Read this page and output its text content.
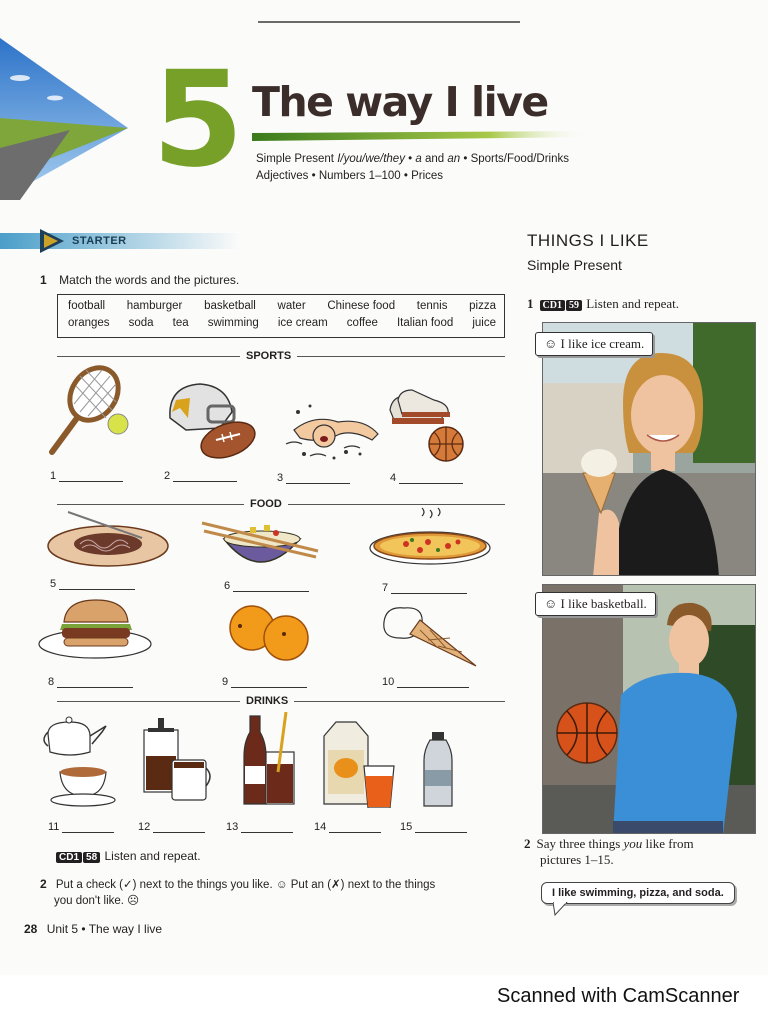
5 The way I live
Simple Present I/you/we/they • a and an • Sports/Food/Drinks
Adjectives • Numbers 1–100 • Prices
STARTER
1 Match the words and the pictures.
football hamburger basketball water Chinese food tennis pizza
oranges soda tea swimming ice cream coffee Italian food juice
SPORTS
1	2	3	4
FOOD
5	6	7
8	9	10
DRINKS
11	12	13	14	15
CD1 58 Listen and repeat.
2 Put a check (✓) next to the things you like. ☺ Put an (✗) next to the things
you don't like. ☹
28 Unit 5 • The way I live
THINGS I LIKE
Simple Present
1 CD1 59 Listen and repeat.
☺ I like ice cream.
☺ I like basketball.
2 Say three things you like from
pictures 1–15.
I like swimming, pizza, and soda.
Scanned with CamScanner
